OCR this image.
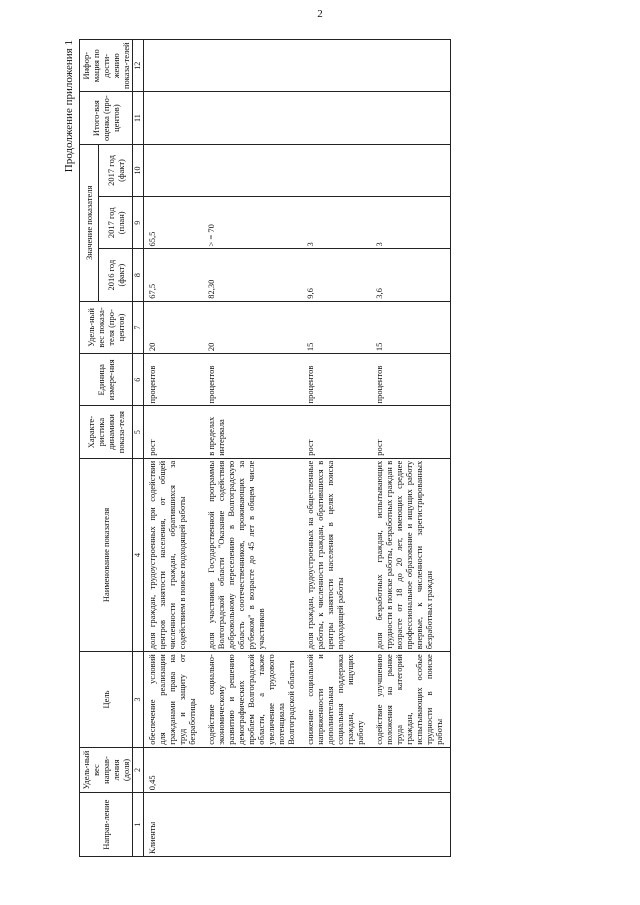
2
Продолжение приложения 1
Направ-ление	Удель-ный вес направ-ления (доля)	Цель	Наименование показателя	Характе-ристика динамики показа-теля	Единица измере-ния	Удель-ный вес показа-теля (про-центов)	Значение показателя			Итого-вая оценка (про-центов)	Инфор-мация по дости-жению показа-телей
							2016 год (факт)	2017 год (план)	2017 год (факт)		
1	2	3	4	5	6	7	8	9	10	11	12
Клиенты	0,45	обеспечение условий для реализации гражданами права на труд и защиту от безработицы	доля граждан, трудоустроенных при содействии центров занятости населения, от общей численности граждан, обратившихся за содействием в поиске подходящей работы	рост	процентов	20	67,5	65,5			
		содействие социально-экономическому развитию и решению демографических проблем Волгоградской области, а также увеличение трудового потенциала Волгоградской области	доля участников Государственной программы Волгоградской области "Оказание содействия добровольному переселению в Волгоградскую область соотечественников, проживающих за рубежом" в возрасте до 45 лет в общем числе участников	в пределах интервала	процентов	20	82,30	> = 70			
		снижение социальной напряженности и дополнительная социальная поддержка граждан, ищущих работу	доля граждан, трудоустроенных на общественные работы, к численности граждан, обратившихся в центры занятости населения в целях поиска подходящей работы	рост	процентов	15	9,6	3			
		содействие улучшению положения на рынке труда категорий граждан, испытывающих особые трудности в поиске работы	доля безработных граждан, испытывающих трудности в поиске работы, безработных граждан в возрасте от 18 до 20 лет, имеющих среднее профессиональное образование и ищущих работу впервые, к численности зарегистрированных безработных граждан	рост	процентов	15	3,6	3			
